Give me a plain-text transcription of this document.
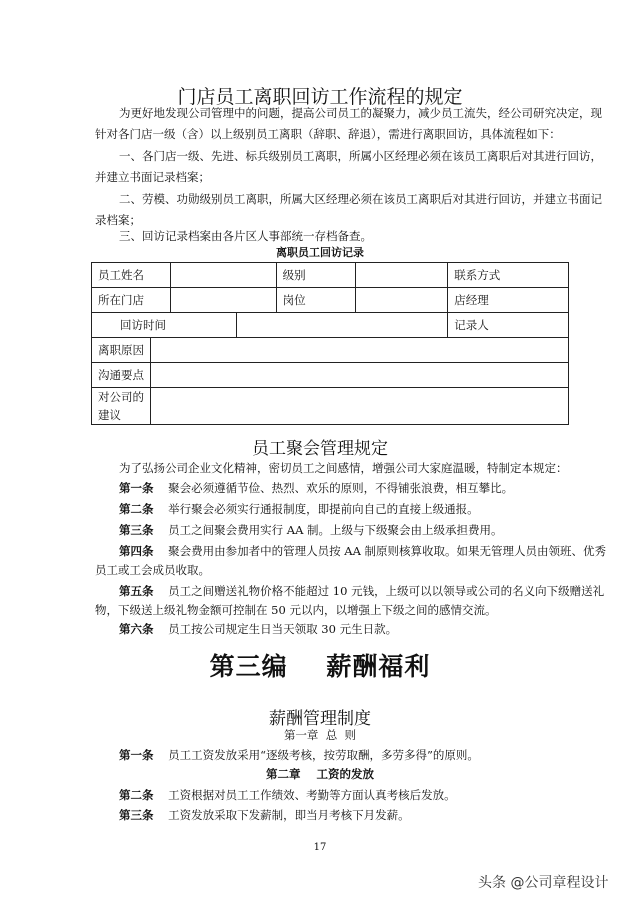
门店员工离职回访工作流程的规定
为更好地发现公司管理中的问题，提高公司员工的凝聚力，减少员工流失，经公司研究决定，现
针对各门店一级（含）以上级别员工离职（辞职、辞退），需进行离职回访，具体流程如下：
一、各门店一级、先进、标兵级别员工离职，所属小区经理必须在该员工离职后对其进行回访，
并建立书面记录档案；
二、劳模、功勋级别员工离职，所属大区经理必须在该员工离职后对其进行回访，并建立书面记
录档案；
三、回访记录档案由各片区人事部统一存档备查。
离职员工回访记录
员工姓名				级别		联系方式
所在门店				岗位		店经理
回访时间						记录人
离职原因						
沟通要点						
对公司的
建议						
员工聚会管理规定
为了弘扬公司企业文化精神，密切员工之间感情，增强公司大家庭温暖，特制定本规定：
第一条 聚会必须遵循节俭、热烈、欢乐的原则，不得铺张浪费，相互攀比。
第二条 举行聚会必须实行通报制度，即提前向自己的直接上级通报。
第三条 员工之间聚会费用实行 AA 制。上级与下级聚会由上级承担费用。
第四条 聚会费用由参加者中的管理人员按 AA 制原则核算收取。如果无管理人员由领班、优秀
员工或工会成员收取。
第五条 员工之间赠送礼物价格不能超过 10 元钱，上级可以以领导或公司的名义向下级赠送礼
物，下级送上级礼物金额可控制在 50 元以内，以增强上下级之间的感情交流。
第六条 员工按公司规定生日当天领取 30 元生日款。
第三编    薪酬福利
薪酬管理制度
第一章  总  则
第一条 员工工资发放采用“逐级考核，按劳取酬，多劳多得”的原则。
第二章    工资的发放
第二条 工资根据对员工工作绩效、考勤等方面认真考核后发放。
第三条 工资发放采取下发薪制，即当月考核下月发薪。
17
头条 @公司章程设计
